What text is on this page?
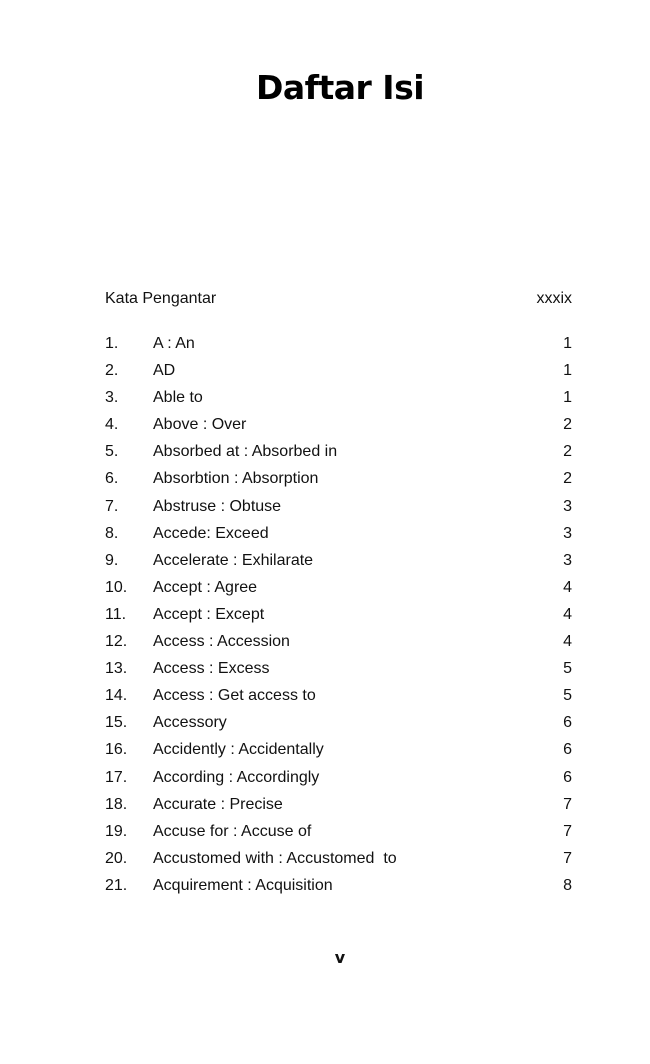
Daftar Isi
Kata Pengantar	xxxix
1. A : An	1
2. AD	1
3. Able to	1
4. Above : Over	2
5. Absorbed at : Absorbed in	2
6. Absorbtion : Absorption	2
7. Abstruse : Obtuse	3
8. Accede: Exceed	3
9. Accelerate : Exhilarate	3
10. Accept : Agree	4
11. Accept : Except	4
12. Access : Accession	4
13. Access : Excess	5
14. Access : Get access to	5
15. Accessory	6
16. Accidently : Accidentally	6
17. According : Accordingly	6
18. Accurate : Precise	7
19. Accuse for : Accuse of	7
20. Accustomed with : Accustomed  to	7
21. Acquirement : Acquisition	8
v
